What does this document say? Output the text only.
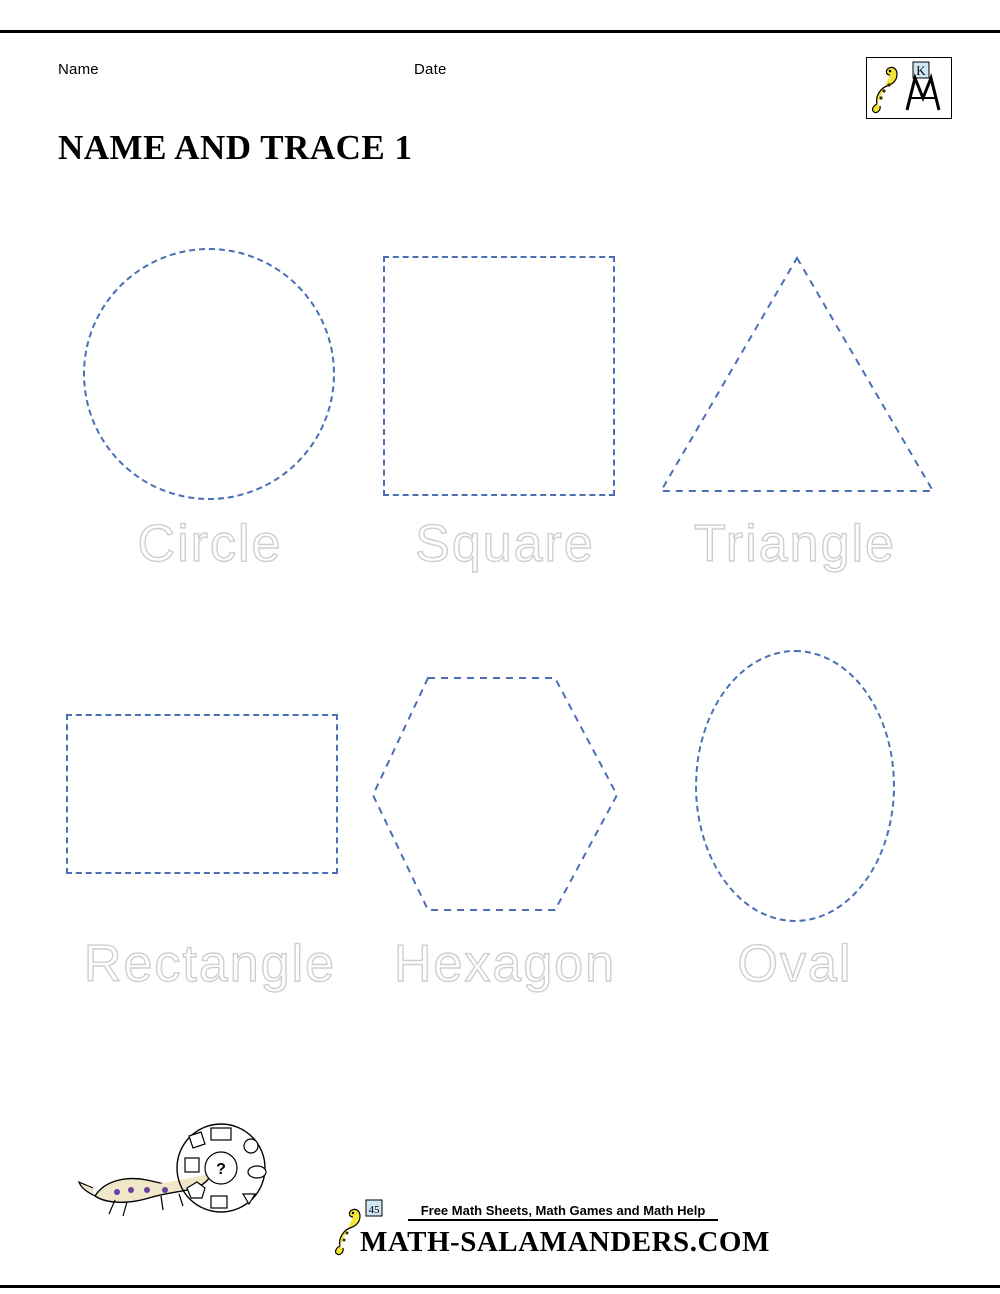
Name	Date
NAME AND TRACE 1
K
Circle	Square	Triangle
Rectangle	Hexagon	Oval
?
45	Free Math Sheets, Math Games and Math Help
MATH-SALAMANDERS.COM
